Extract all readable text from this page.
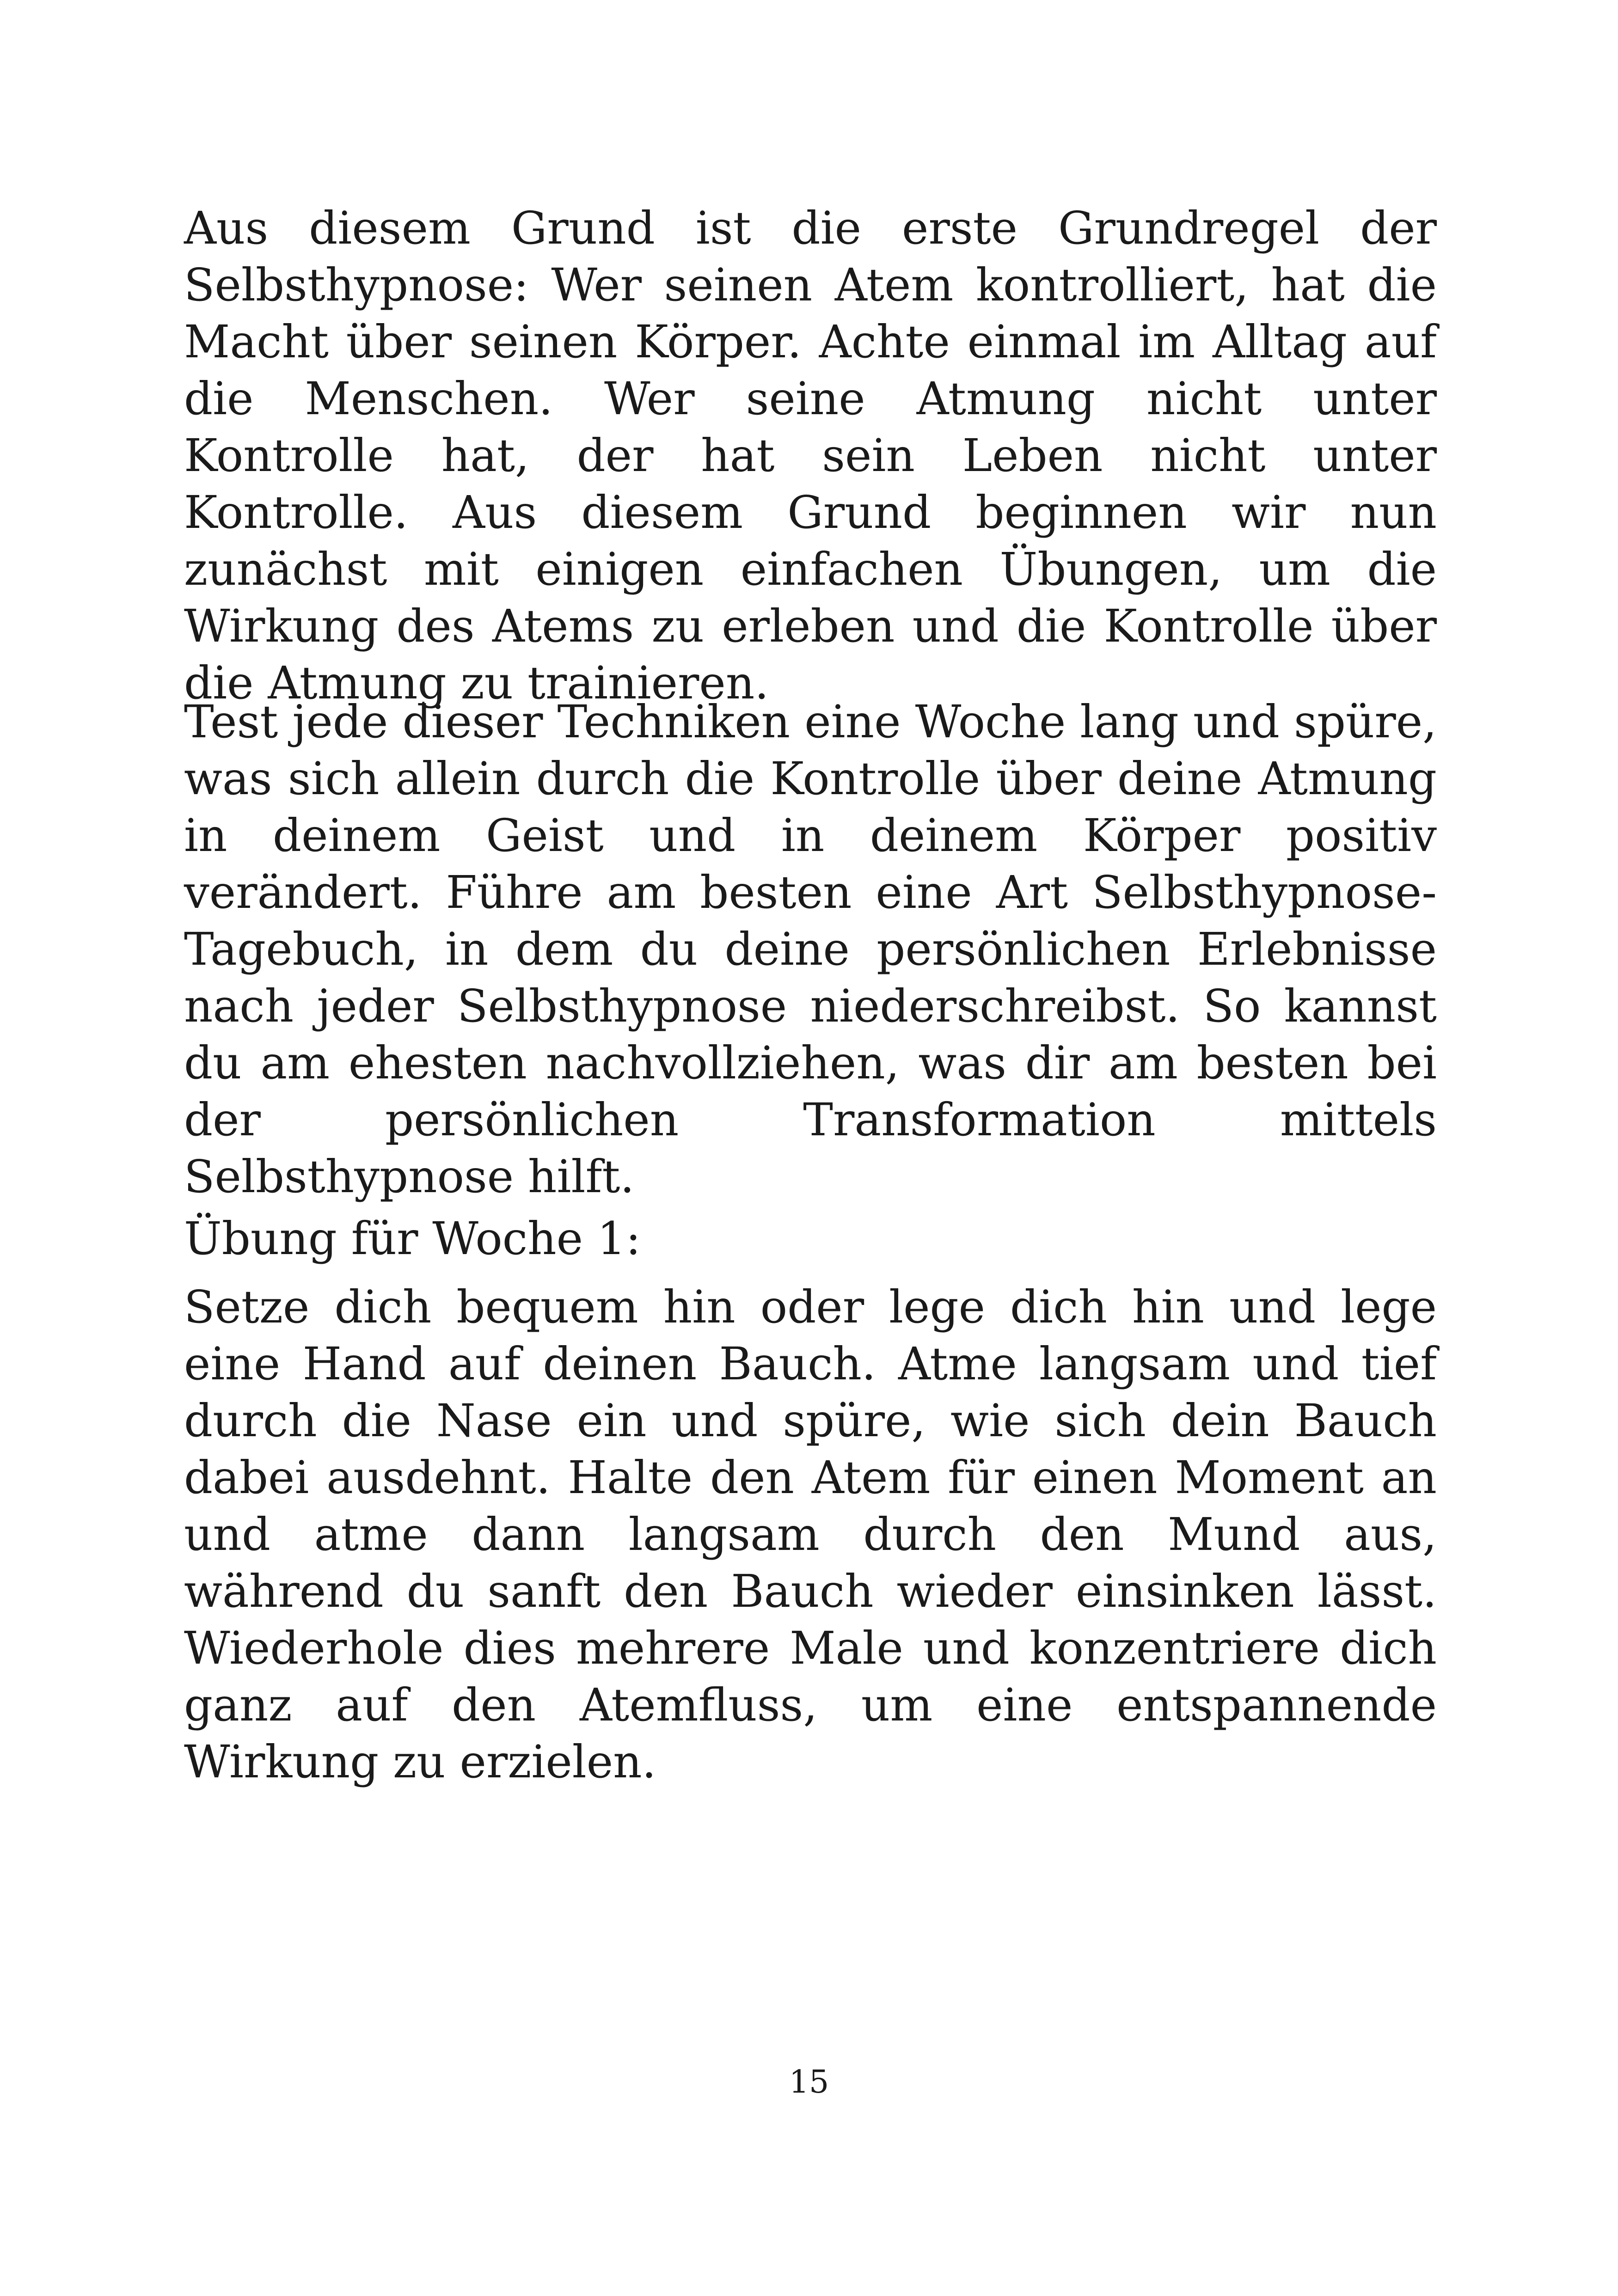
Aus diesem Grund ist die erste Grundregel der Selbsthypnose: Wer seinen Atem kontrolliert, hat die Macht über seinen Körper. Achte einmal im Alltag auf die Menschen. Wer seine Atmung nicht unter Kontrolle hat, der hat sein Leben nicht unter Kontrolle. Aus diesem Grund beginnen wir nun zunächst mit einigen einfachen Übungen, um die Wirkung des Atems zu erleben und die Kontrolle über die Atmung zu trainieren.

Test jede dieser Techniken eine Woche lang und spüre, was sich allein durch die Kontrolle über deine Atmung in deinem Geist und in deinem Körper positiv verändert. Führe am besten eine Art Selbsthypnose-Tagebuch, in dem du deine persönlichen Erlebnisse nach jeder Selbsthypnose niederschreibst. So kannst du am ehesten nachvollziehen, was dir am besten bei der persönlichen Transformation mittels Selbsthypnose hilft.

Übung für Woche 1:

Setze dich bequem hin oder lege dich hin und lege eine Hand auf deinen Bauch. Atme langsam und tief durch die Nase ein und spüre, wie sich dein Bauch dabei ausdehnt. Halte den Atem für einen Moment an und atme dann langsam durch den Mund aus, während du sanft den Bauch wieder einsinken lässt. Wiederhole dies mehrere Male und konzentriere dich ganz auf den Atemfluss, um eine entspannende Wirkung zu erzielen.

15
